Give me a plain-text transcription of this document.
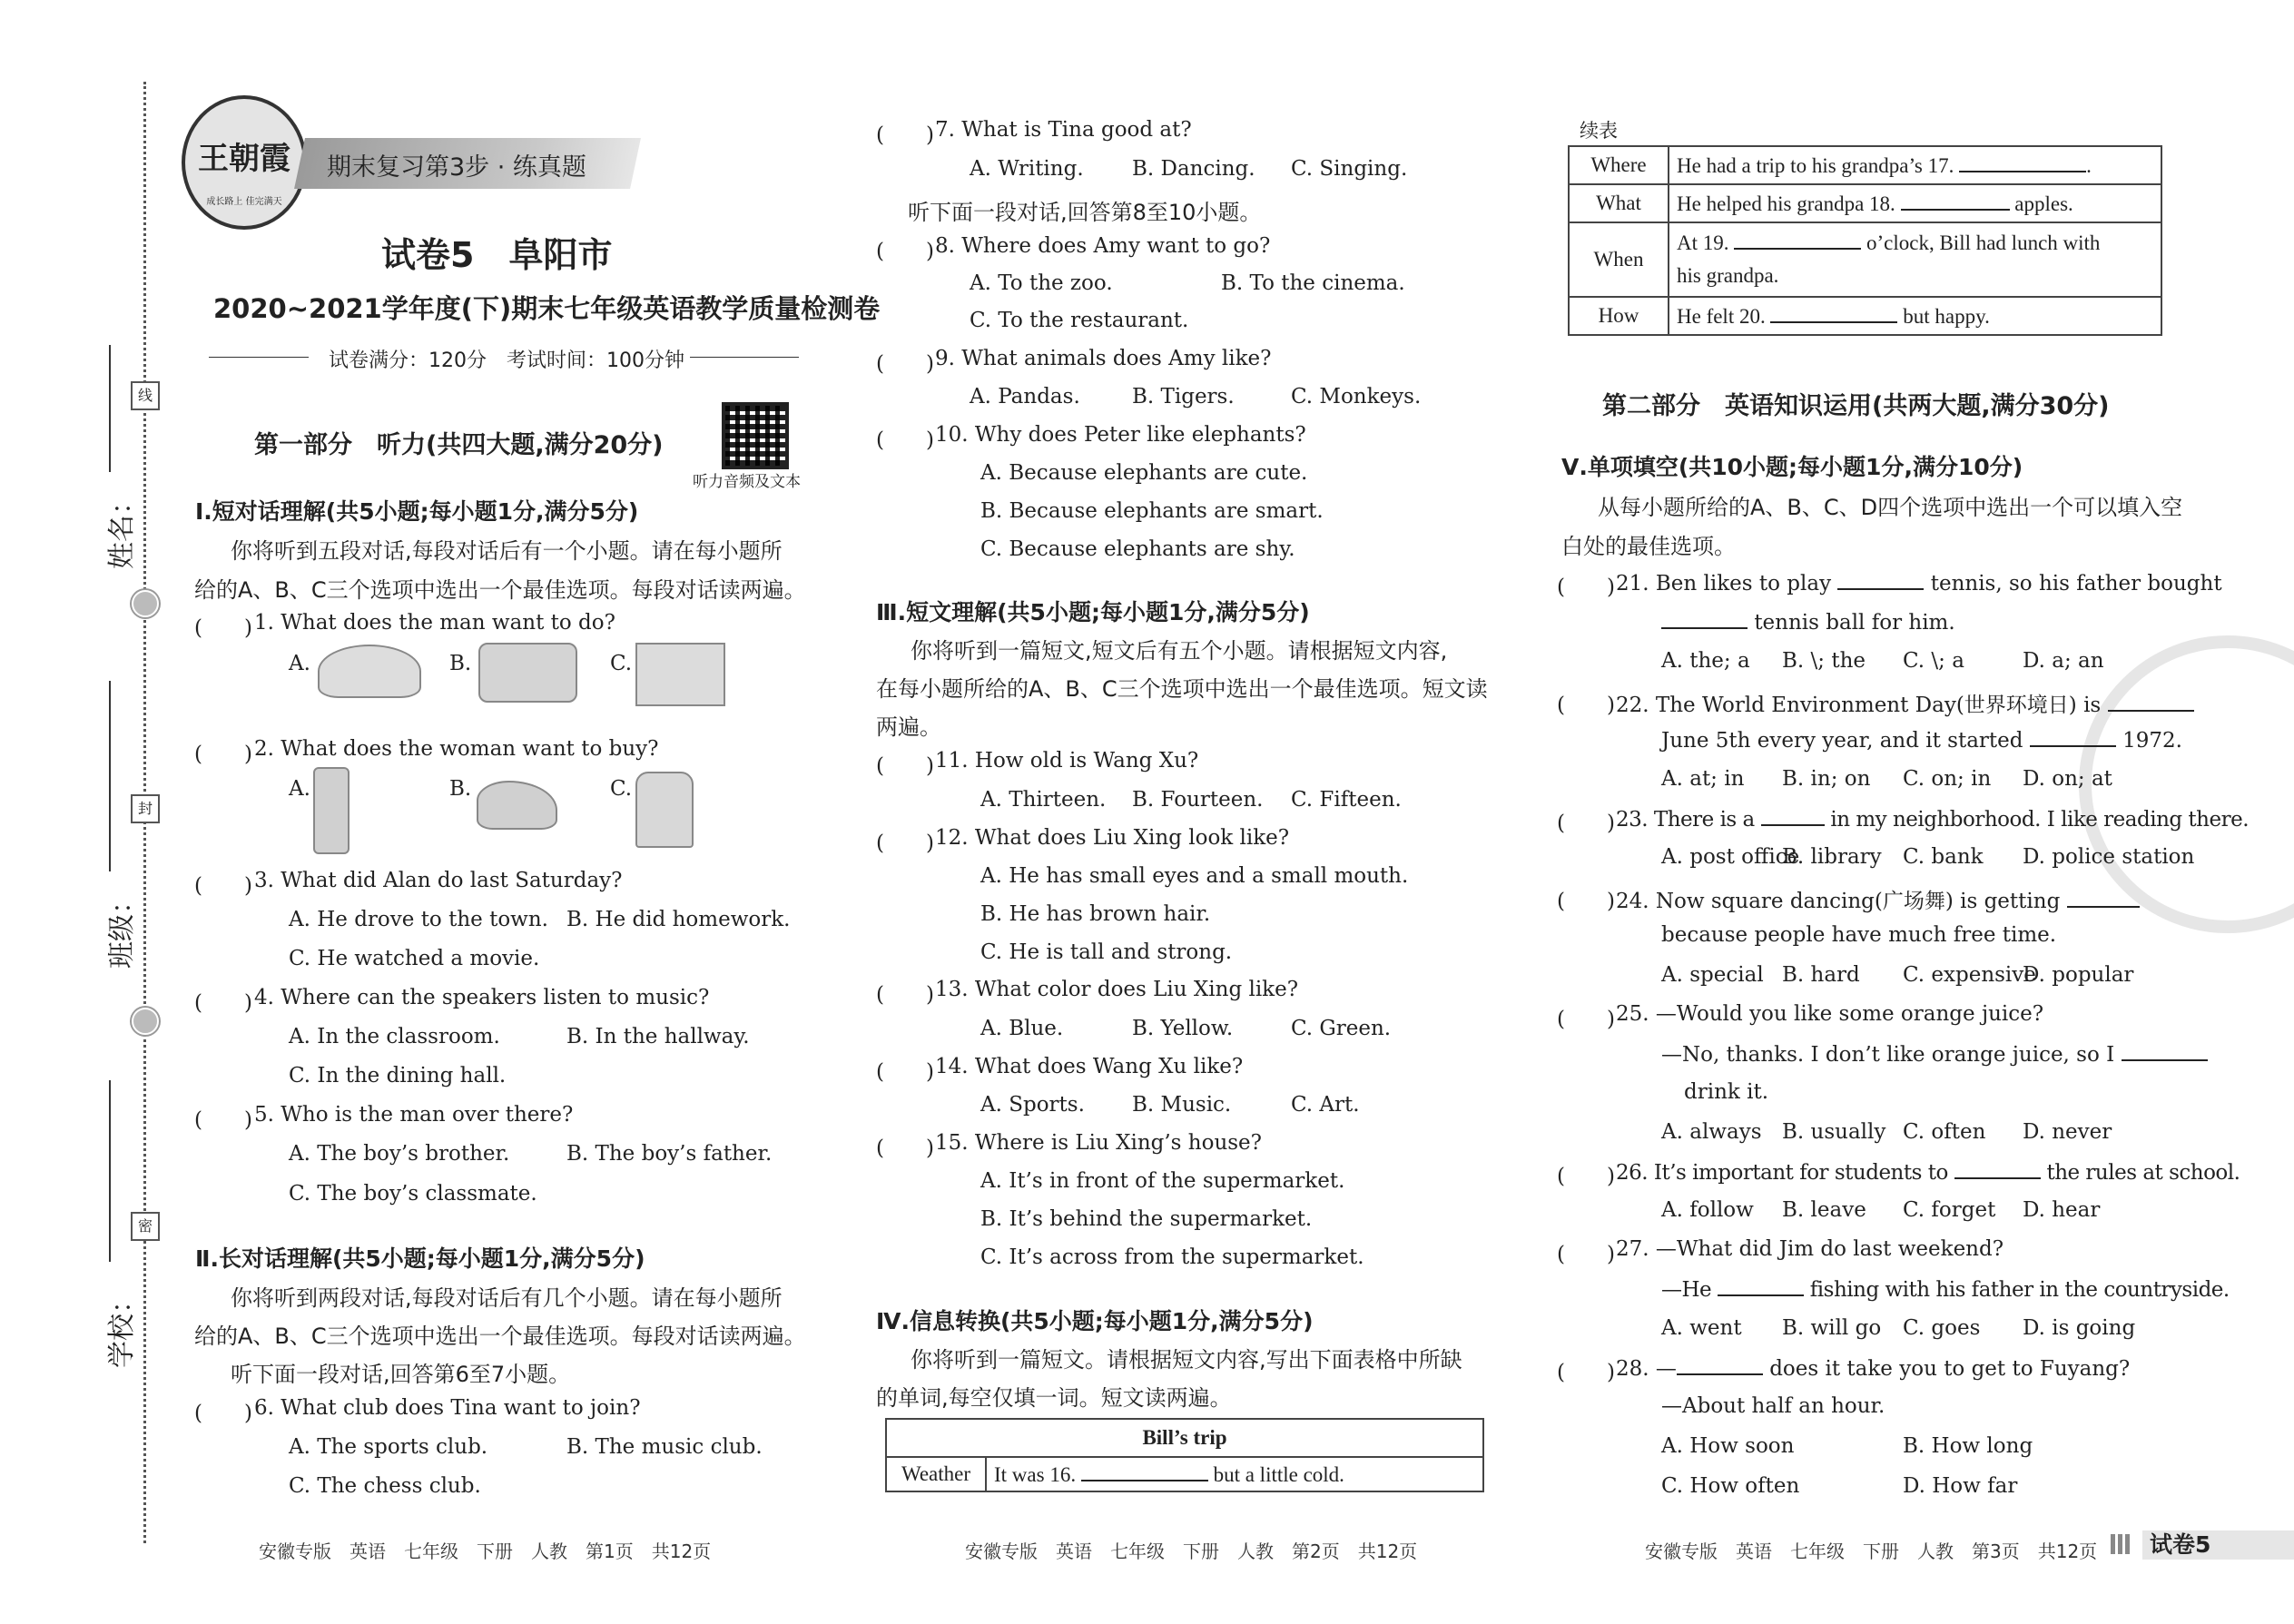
线
封
密
姓名：
班级：
学校：
王朝霞
成长路上 佳完满天
期末复习第3步 · 练真题
试卷5　阜阳市
2020~2021学年度(下)期末七年级英语教学质量检测卷
试卷满分：120分　考试时间：100分钟
听力音频及文本
第一部分　听力(共四大题,满分20分)
Ⅰ.短对话理解(共5小题;每小题1分,满分5分)
你将听到五段对话,每段对话后有一个小题。请在每小题所
给的A、B、C三个选项中选出一个最佳选项。每段对话读两遍。
(　　) 1. What does the man want to do?
A.	B.	C.
(　　) 2. What does the woman want to buy?
A.	B.	C.
(　　) 3. What did Alan do last Saturday?
A. He drove to the town. B. He did homework.
C. He watched a movie.
(　　) 4. Where can the speakers listen to music?
A. In the classroom.	B. In the hallway.
C. In the dining hall.
(　　) 5. Who is the man over there?
A. The boy’s brother.	B. The boy’s father.
C. The boy’s classmate.
Ⅱ.长对话理解(共5小题;每小题1分,满分5分)
你将听到两段对话,每段对话后有几个小题。请在每小题所
给的A、B、C三个选项中选出一个最佳选项。每段对话读两遍。
听下面一段对话,回答第6至7小题。
(　　) 6. What club does Tina want to join?
A. The sports club.	B. The music club.
C. The chess club.
安徽专版　英语　七年级　下册　人教　第1页　共12页
(　　) 7. What is Tina good at?
A. Writing. B. Dancing. C. Singing.
听下面一段对话,回答第8至10小题。
(　　) 8. Where does Amy want to go?
A. To the zoo.	B. To the cinema.
C. To the restaurant.
(　　) 9. What animals does Amy like?
A. Pandas. B. Tigers.	C. Monkeys.
(　　) 10. Why does Peter like elephants?
A. Because elephants are cute.
B. Because elephants are smart.
C. Because elephants are shy.
Ⅲ.短文理解(共5小题;每小题1分,满分5分)
你将听到一篇短文,短文后有五个小题。请根据短文内容,
在每小题所给的A、B、C三个选项中选出一个最佳选项。短文读
两遍。
(　　) 11. How old is Wang Xu?
A. Thirteen. B. Fourteen. C. Fifteen.
(　　) 12. What does Liu Xing look like?
A. He has small eyes and a small mouth.
B. He has brown hair.
C. He is tall and strong.
(　　) 13. What color does Liu Xing like?
A. Blue.	B. Yellow.	C. Green.
(　　) 14. What does Wang Xu like?
A. Sports. B. Music.	C. Art.
(　　) 15. Where is Liu Xing’s house?
A. It’s in front of the supermarket.
B. It’s behind the supermarket.
C. It’s across from the supermarket.
Ⅳ.信息转换(共5小题;每小题1分,满分5分)
你将听到一篇短文。请根据短文内容,写出下面表格中所缺
的单词,每空仅填一词。短文读两遍。
Bill’s trip
Weather	It was 16.	but a little cold.
安徽专版　英语　七年级　下册　人教　第2页　共12页
续表
Where	He had a trip to his grandpa’s 17. .
What	He helped his grandpa 18. apples.
When	At 19. o’clock, Bill had lunch with
his grandpa.
How	He felt 20. but happy.
第二部分　英语知识运用(共两大题,满分30分)
Ⅴ.单项填空(共10小题;每小题1分,满分10分)
从每小题所给的A、B、C、D四个选项中选出一个可以填入空
白处的最佳选项。
(　　) 21. Ben likes to play	tennis, so his father bought
tennis ball for him.
A. the; a B. \; the C. \; a	D. a; an
(　　) 22. The World Environment Day(世界环境日) is
June 5th every year, and it started	1972.
A. at; in B. in; on C. on; in D. on; at
(　　) 23. There is a	in my neighborhood. I like reading there.
A. post office
B. library C. bank D. police station
(　　) 24. Now square dancing(广场舞) is getting
because people have much free time.
A. special B. hard C. expensive
D. popular
(　　) 25. —Would you like some orange juice?
—No, thanks. I don’t like orange juice, so I
drink it.
A. always B. usually C. often D. never
(　　) 26. It’s important for students to	the rules at school.
A. follow B. leave C. forget D. hear
(　　) 27. —What did Jim do last weekend?
—He	fishing with his father in the countryside.
A. went B. will go C. goes D. is going
(　　) 28. —	does it take you to get to Fuyang?
—About half an hour.
A. How soon	B. How long
C. How often	D. How far
安徽专版　英语　七年级　下册　人教　第3页　共12页	试卷5
